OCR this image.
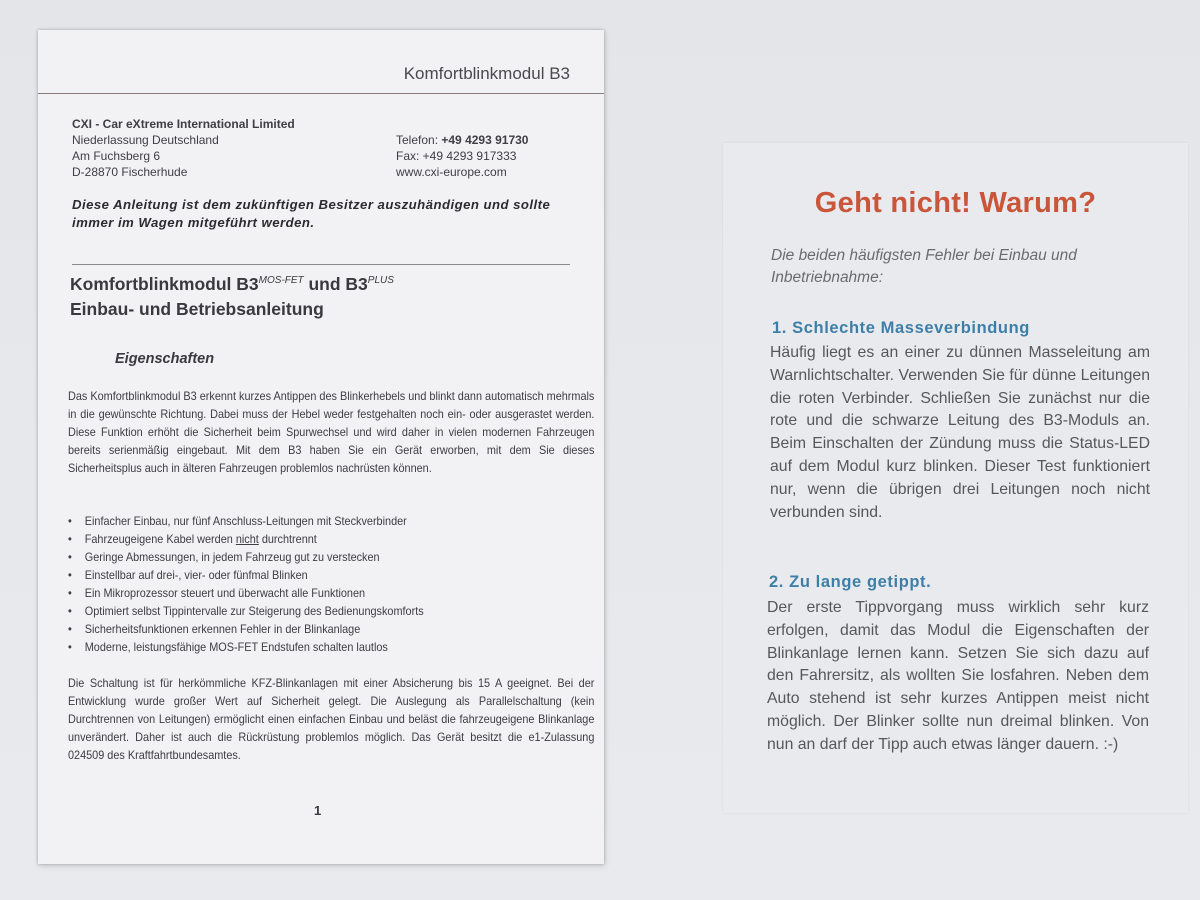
Komfortblinkmodul B3
CXI - Car eXtreme International Limited
Niederlassung Deutschland
Am Fuchsberg 6
D-28870 Fischerhude
Telefon: +49 4293 91730
Fax: +49 4293 917333
www.cxi-europe.com
Diese Anleitung ist dem zukünftigen Besitzer auszuhändigen und sollte immer im Wagen mitgeführt werden.
Komfortblinkmodul $B3^{MOS-FET}$ und $B3^{PLUS}$
Einbau- und Betriebsanleitung
Eigenschaften
Das Komfortblinkmodul B3 erkennt kurzes Antippen des Blinkerhebels und blinkt dann automatisch mehrmals in die gewünschte Richtung. Dabei muss der Hebel weder festgehalten noch ein- oder ausgerastet werden. Diese Funktion erhöht die Sicherheit beim Spurwechsel und wird daher in vielen modernen Fahrzeugen bereits serienmäßig eingebaut. Mit dem B3 haben Sie ein Gerät erworben, mit dem Sie dieses Sicherheitsplus auch in älteren Fahrzeugen problemlos nachrüsten können.
• Einfacher Einbau, nur fünf Anschluss-Leitungen mit Steckverbinder
• Fahrzeugeigene Kabel werden nicht durchtrennt
• Geringe Abmessungen, in jedem Fahrzeug gut zu verstecken
• Einstellbar auf drei-, vier- oder fünfmal Blinken
• Ein Mikroprozessor steuert und überwacht alle Funktionen
• Optimiert selbst Tippintervalle zur Steigerung des Bedienungskomforts
• Sicherheitsfunktionen erkennen Fehler in der Blinkanlage
• Moderne, leistungsfähige MOS-FET Endstufen schalten lautlos
Die Schaltung ist für herkömmliche KFZ-Blinkanlagen mit einer Absicherung bis 15 A geeignet. Bei der Entwicklung wurde großer Wert auf Sicherheit gelegt. Die Auslegung als Parallelschaltung (kein Durchtrennen von Leitungen) ermöglicht einen einfachen Einbau und beläst die fahrzeugeigene Blinkanlage unverändert. Daher ist auch die Rückrüstung problemlos möglich. Das Gerät besitzt die e1-Zulassung 024509 des Kraftfahrtbundesamtes.
1
Geht nicht! Warum?
Die beiden häufigsten Fehler bei Einbau und Inbetriebnahme:
1. Schlechte Masseverbindung
Häufig liegt es an einer zu dünnen Masseleitung am Warnlichtschalter. Verwenden Sie für dünne Leitungen die roten Verbinder. Schließen Sie zunächst nur die rote und die schwarze Leitung des B3-Moduls an. Beim Einschalten der Zündung muss die Status-LED auf dem Modul kurz blinken. Dieser Test funktioniert nur, wenn die übrigen drei Leitungen noch nicht verbunden sind.
2. Zu lange getippt.
Der erste Tippvorgang muss wirklich sehr kurz erfolgen, damit das Modul die Eigenschaften der Blinkanlage lernen kann. Setzen Sie sich dazu auf den Fahrersitz, als wollten Sie losfahren. Neben dem Auto stehend ist sehr kurzes Antippen meist nicht möglich. Der Blinker sollte nun dreimal blinken. Von nun an darf der Tipp auch etwas länger dauern. :-)
